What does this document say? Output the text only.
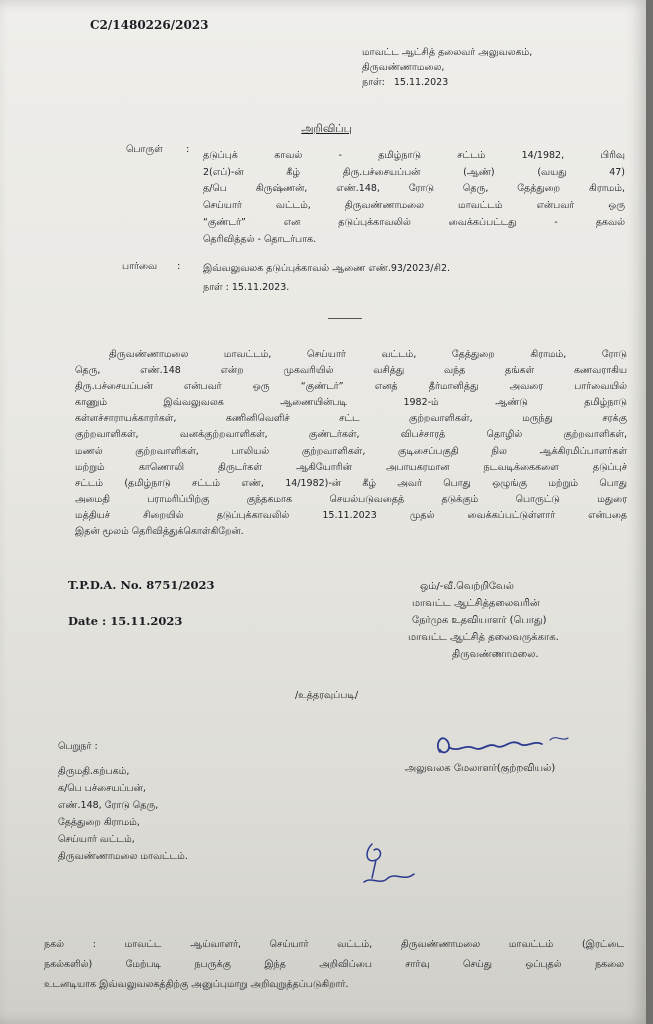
C2/1480226/2023
மாவட்ட ஆட்சித் தலைவர் அலுவலகம்,
திருவண்ணாமலை,
நாள்: 15.11.2023
அறிவிப்பு
பொருள் :
தடுப்புக் காவல் - தமிழ்நாடு சட்டம் 14/1982, பிரிவு
2(எப்)-ன் கீழ் திரு.பச்சையப்பன் (ஆண்) (வயது 47)
த/பெ கிருஷ்ணன், எண்.148, ரோடு தெரு, தேத்துறை கிராமம்,
செய்யார் வட்டம், திருவண்ணாமலை மாவட்டம் என்பவர் ஒரு
“குண்டர்” என தடுப்புக்காவலில் வைக்கப்பட்டது - தகவல்
தெரிவித்தல் - தொடர்பாக.
பார்வை : இவ்வலுவலக தடுப்புக்காவல் ஆணை எண்.93/2023/சி2.
நாள் : 15.11.2023.
திருவண்ணாமலை மாவட்டம், செய்யார் வட்டம், தேத்துறை கிராமம், ரோடு
தெரு, எண்.148 என்ற முகவரியில் வசித்து வந்த தங்கள் கணவராகிய
திரு.பச்சையப்பன் என்பவர் ஒரு “குண்டர்” எனத் தீர்மானித்து அவரை பார்வையில்
காணும் இவ்வலுவலக ஆணையின்படி 1982-ம் ஆண்டு தமிழ்நாடு
கள்ளச்சாராயக்காரர்கள், கணினிவெளிச் சட்ட குற்றவாளிகள், மருந்து சரக்கு
குற்றவாளிகள், வனக்குற்றவாளிகள், குண்டர்கள், விபச்சாரத் தொழில் குற்றவாளிகள்,
மணல் குற்றவாளிகள், பாலியல் குற்றவாளிகள், குடிசைப்பகுதி நில ஆக்கிரமிப்பாளர்கள்
மற்றும் காணொலி திருடர்கள் ஆகியோரின் அபாயகரமான நடவடிக்கைகளை தடுப்புச்
சட்டம் (தமிழ்நாடு சட்டம் எண், 14/1982)-ன் கீழ் அவர் பொது ஒழுங்கு மற்றும் பொது
அமைதி பராமரிப்பிற்கு குந்தகமாக செயல்படுவதைத் தடுக்கும் பொருட்டு மதுரை
மத்தியச் சிறையில் தடுப்புக்காவலில் 15.11.2023 முதல் வைக்கப்பட்டுள்ளார் என்பதை
இதன் மூலம் தெரிவித்துக்கொள்கிறேன்.
T.P.D.A. No. 8751/2023
Date : 15.11.2023
ஒம்/-வீ.வெற்றிவேல்
மாவட்ட ஆட்சித்தலைவரின்
நேர்முக உதவியாளர் (பொது)
மாவட்ட ஆட்சித் தலைவருக்காக.
திருவண்ணாமலை.
/உத்தரவுப்படி/
அலுவலக மேலாளர்(குற்றவியல்)
பெறுநர் :
திருமதி.கற்பகம்,
க/பெ பச்சையப்பன்,
எண்.148, ரோடு தெரு,
தேத்துறை கிராமம்,
செய்யார் வட்டம்,
திருவண்ணாமலை மாவட்டம்.
நகல் : மாவட்ட ஆய்வாளர், செய்யார் வட்டம், திருவண்ணாமலை மாவட்டம் (இரட்டை
நகல்களில்) மேற்படி நபருக்கு இந்த அறிவிப்பை சார்வு செய்து ஒப்புதல் நகலை
உடனடியாக இவ்வலுவலகத்திற்கு அனுப்புமாறு அறிவுறுத்தப்படுகிறார்.
